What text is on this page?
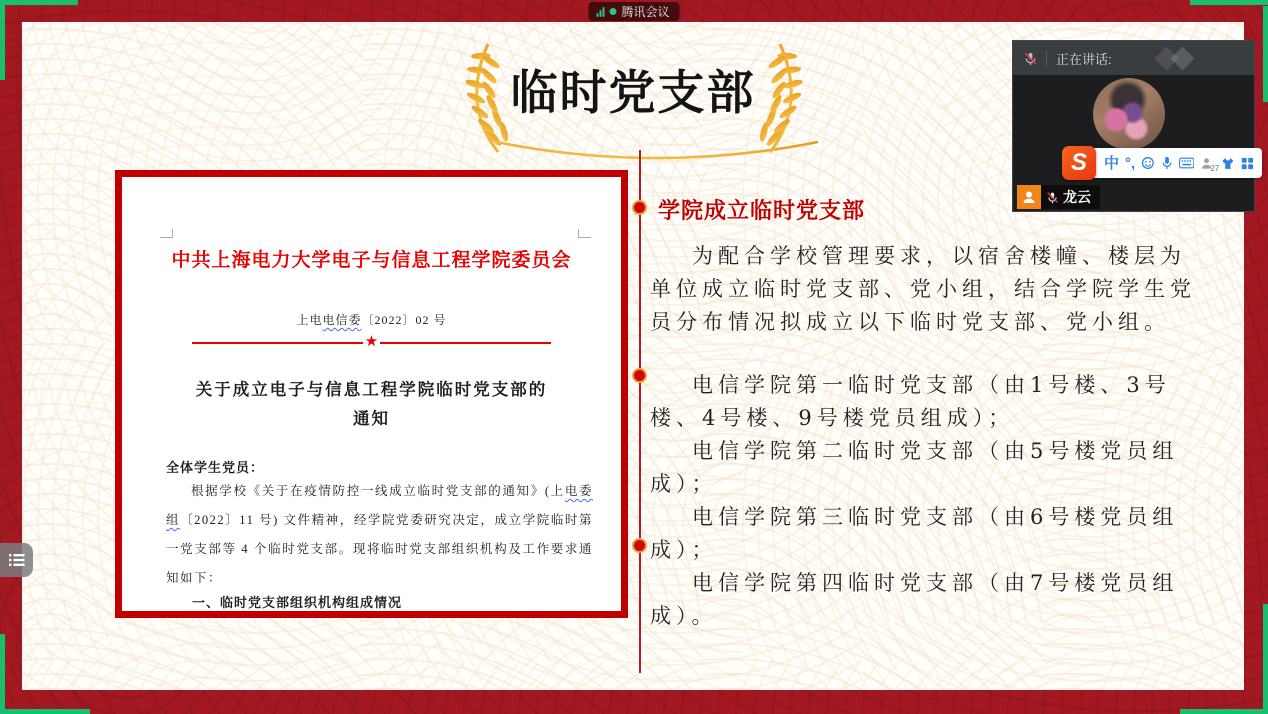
腾讯会议
临时党支部
中共上海电力大学电子与信息工程学院委员会
上电电信委〔2022〕02 号
★
关于成立电子与信息工程学院临时党支部的通知
全体学生党员：
根据学校《关于在疫情防控一线成立临时党支部的通知》(上电委组〔2022〕11 号) 文件精神，经学院党委研究决定，成立学院临时第一党支部等 4 个临时党支部。现将临时党支部组织机构及工作要求通知如下：
一、临时党支部组织机构组成情况
学院成立临时党支部

为配合学校管理要求，以宿舍楼幢、楼层为单位成立临时党支部、党小组，结合学院学生党员分布情况拟成立以下临时党支部、党小组。

电信学院第一临时党支部（由1号楼、3号楼、4号楼、9号楼党员组成）；

电信学院第二临时党支部（由5号楼党员组成）；

电信学院第三临时党支部（由6号楼党员组成）；

电信学院第四临时党支部（由7号楼党员组成）。

正在讲话:
龙云
S	中 °,	27
